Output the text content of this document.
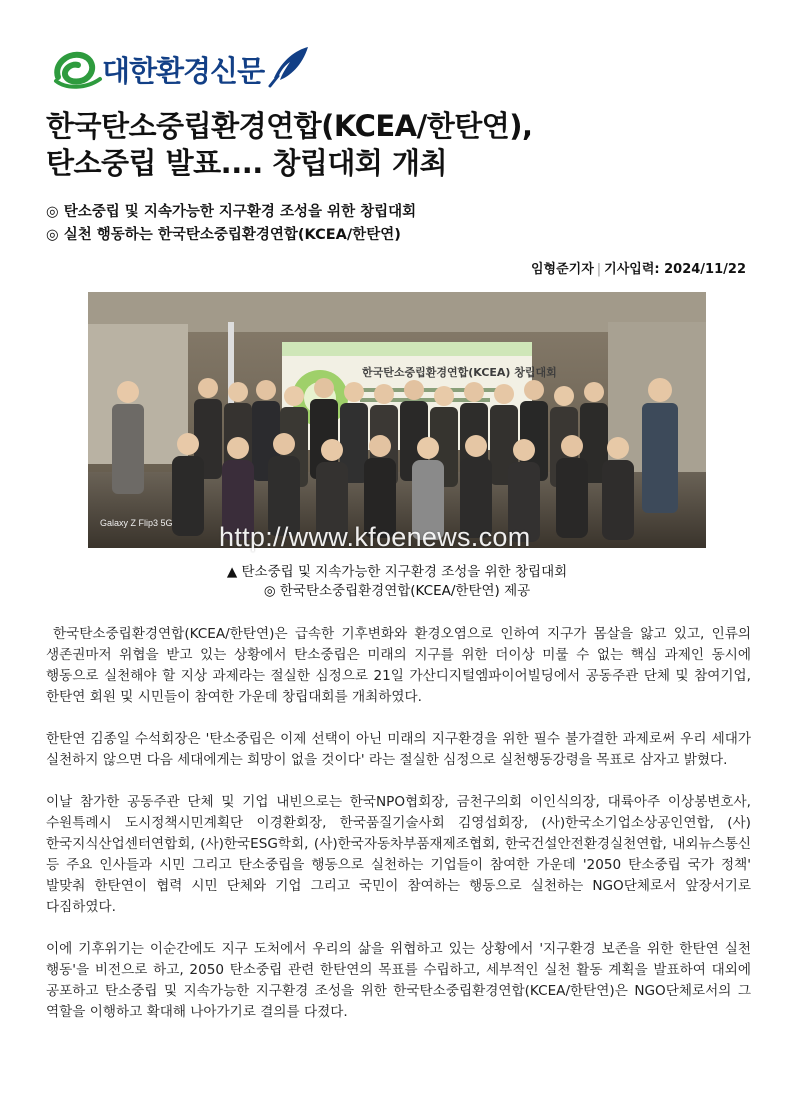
대한환경신문
한국탄소중립환경연합(KCEA/한탄연),
탄소중립 발표.... 창립대회 개최
◎ 탄소중립 및 지속가능한 지구환경 조성을 위한 창립대회
◎ 실천 행동하는 한국탄소중립환경연합(KCEA/한탄연)
임형준기자 | 기사입력: 2024/11/22
한국탄소중립환경연합(KCEA) 창립대회
Galaxy Z Flip3 5G http://www.kfoenews.com
▲ 탄소중립 및 지속가능한 지구환경 조성을 위한 창립대회
◎ 한국탄소중립환경연합(KCEA/한탄연) 제공

한국탄소중립환경연합(KCEA/한탄연)은 급속한 기후변화와 환경오염으로 인하여 지구가 몸살을 앓고 있고, 인류의 생존권마저 위협을 받고 있는 상황에서 탄소중립은 미래의 지구를 위한 더이상 미룰 수 없는 핵심 과제인 동시에 행동으로 실천해야 할 지상 과제라는 절실한 심정으로 21일 가산디지털엠파이어빌딩에서 공동주관 단체 및 참여기업, 한탄연 회원 및 시민들이 참여한 가운데 창립대회를 개최하였다.

한탄연 김종일 수석회장은 '탄소중립은 이제 선택이 아닌 미래의 지구환경을 위한 필수 불가결한 과제로써 우리 세대가 실천하지 않으면 다음 세대에게는 희망이 없을 것이다' 라는 절실한 심정으로 실천행동강령을 목표로 삼자고 밝혔다.

이날 참가한 공동주관 단체 및 기업 내빈으로는 한국NPO협회장, 금천구의회 이인식의장, 대륙아주 이상봉변호사, 수원특례시 도시정책시민계획단 이경환회장, 한국품질기술사회 김영섭회장, (사)한국소기업소상공인연합, (사)한국지식산업센터연합회, (사)한국ESG학회, (사)한국자동차부품재제조협회, 한국건설안전환경실천연합, 내외뉴스통신 등 주요 인사들과 시민 그리고 탄소중립을 행동으로 실천하는 기업들이 참여한 가운데 '2050 탄소중립 국가 정책' 발맞춰 한탄연이 협력 시민 단체와 기업 그리고 국민이 참여하는 행동으로 실천하는 NGO단체로서 앞장서기로 다짐하였다.

이에 기후위기는 이순간에도 지구 도처에서 우리의 삶을 위협하고 있는 상황에서 '지구환경 보존을 위한 한탄연 실천 행동'을 비전으로 하고, 2050 탄소중립 관련 한탄연의 목표를 수립하고, 세부적인 실천 활동 계획을 발표하여 대외에 공포하고 탄소중립 및 지속가능한 지구환경 조성을 위한 한국탄소중립환경연합(KCEA/한탄연)은 NGO단체로서의 그 역할을 이행하고 확대해 나아가기로 결의를 다졌다.
